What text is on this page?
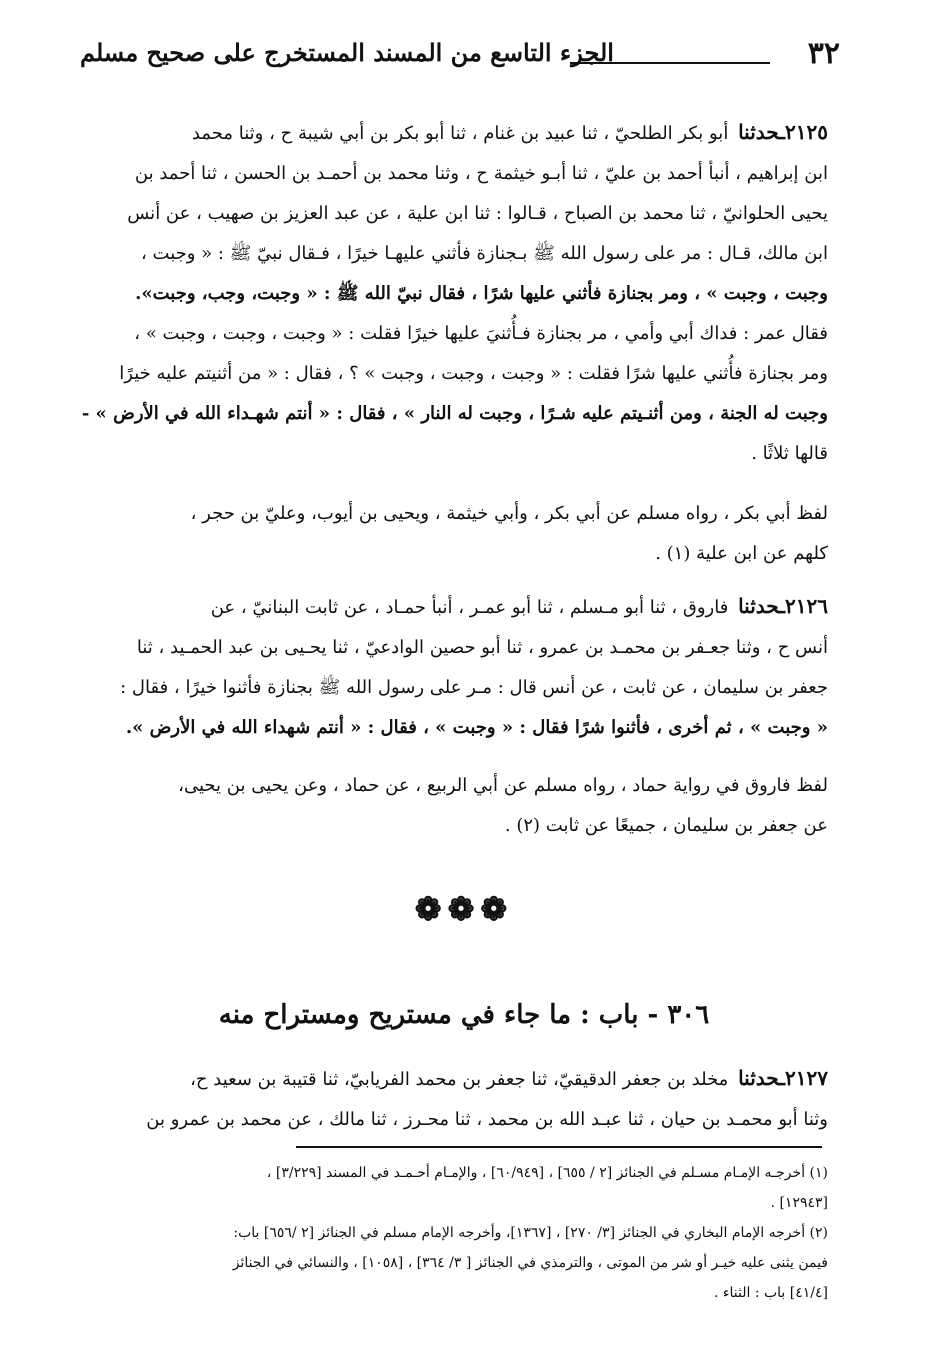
٣٢
الجزء التاسع من المسند المستخرج على صحيح مسلم
٢١٢٥ـحدثنا أبو بكر الطلحيّ ، ثنا عبيد بن غنام ، ثنا أبو بكر بن أبي شيبة ح ، وثنا محمد
ابن إبراهيم ، أنبأ أحمد بن عليّ ، ثنا أبـو خيثمة ح ، وثنا محمد بن أحمـد بن الحسن ، ثنا أحمد بن
يحيى الحلوانيّ ، ثنا محمد بن الصباح ، قـالوا : ثنا ابن علية ، عن عبد العزيز بن صهيب ، عن أنس
ابن مالك، قـال : مر على رسول الله ﷺ بـجنازة فأثني عليهـا خيرًا ، فـقال نبيّ ﷺ : « وجبت ،
وجبت ، وجبت » ، ومر بجنازة فأثني عليها شرًا ، فقال نبيّ الله ﷺ : « وجبت، وجب، وجبت».
فقال عمر : فداك أبي وأمي ، مر بجنازة فـأُثنيَ عليها خيرًا فقلت : « وجبت ، وجبت ، وجبت » ،
ومر بجنازة فأُثني عليها شرًا فقلت : « وجبت ، وجبت ، وجبت » ؟ ، فقال : « من أثنيتم عليه خيرًا
وجبت له الجنة ، ومن أثنـيتم عليه شـرًا ، وجبت له النار » ، فقال : « أنتم شهـداء الله في الأرض » -
قالها ثلاثًا .
لفظ أبي بكر ، رواه مسلم عن أبي بكر ، وأبي خيثمة ، ويحيى بن أيوب، وعليّ بن حجر ،
كلهم عن ابن علية (١) .
٢١٢٦ـحدثنا فاروق ، ثنا أبو مـسلم ، ثنا أبو عمـر ، أنبأ حمـاد ، عن ثابت البنانيّ ، عن
أنس ح ، وثنا جعـفر بن محمـد بن عمرو ، ثنا أبو حصين الوادعيّ ، ثنا يحـيى بن عبد الحمـيد ، ثنا
جعفر بن سليمان ، عن ثابت ، عن أنس قال : مـر على رسول الله ﷺ بجنازة فأثنوا خيرًا ، فقال :
« وجبت » ، ثم أخرى ، فأثنوا شرًا فقال : « وجبت » ، فقال : « أنتم شهداء الله في الأرض ».
لفظ فاروق في رواية حماد ، رواه مسلم عن أبي الربيع ، عن حماد ، وعن يحيى بن يحيى،
عن جعفر بن سليمان ، جميعًا عن ثابت (٢) .
❁❁❁
٣٠٦ - باب : ما جاء في مستريح ومستراح منه
٢١٢٧ـحدثنا مخلد بن جعفر الدقيقيّ، ثنا جعفر بن محمد الفريابيّ، ثنا قتيبة بن سعيد ح،
وثنا أبو محمـد بن حيان ، ثنا عبـد الله بن محمد ، ثنا محـرز ، ثنا مالك ، عن محمد بن عمرو بن
(١) أخرجـه الإمـام مسـلم في الجنائز [٢ / ٦٥٥] ، [٦٠/٩٤٩] ، والإمـام أحـمـد في المسند [٣/٢٢٩] ،
[١٢٩٤٣] .
(٢) أخرجه الإمام البخاري في الجنائز [٣/ ٢٧٠] ، [١٣٦٧]، وأخرجه الإمام مسلم في الجنائز [٢ /٦٥٦] باب:
فيمن يثنى عليه خيـر أو شر من الموتى ، والترمذي في الجنائز [ ٣/ ٣٦٤] ، [١٠٥٨] ، والنسائي في الجنائز
[٤١/٤] باب : الثناء .
